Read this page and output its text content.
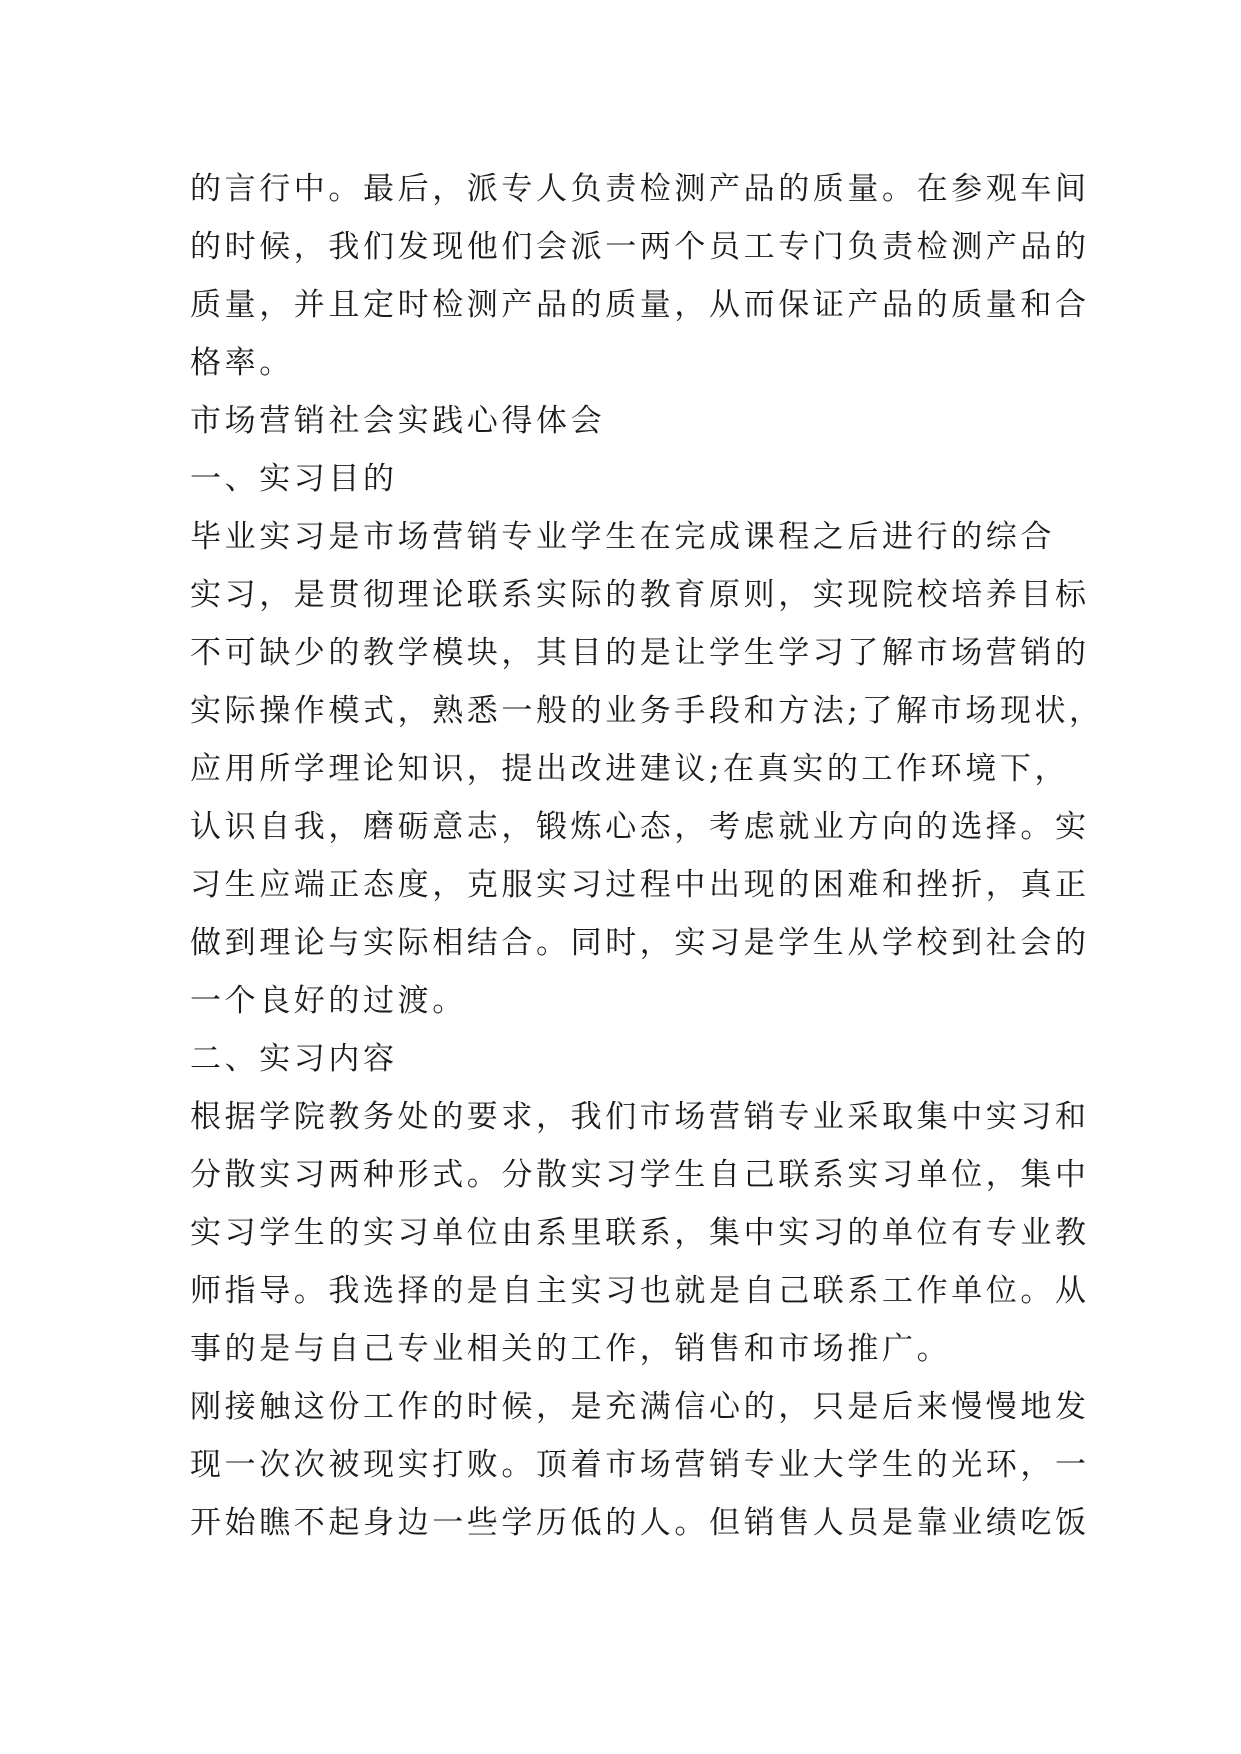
的言行中。最后，派专人负责检测产品的质量。在参观车间
的时候，我们发现他们会派一两个员工专门负责检测产品的
质量，并且定时检测产品的质量，从而保证产品的质量和合
格率。
市场营销社会实践心得体会
一、实习目的
毕业实习是市场营销专业学生在完成课程之后进行的综合
实习，是贯彻理论联系实际的教育原则，实现院校培养目标
不可缺少的教学模块，其目的是让学生学习了解市场营销的
实际操作模式，熟悉一般的业务手段和方法;了解市场现状，
应用所学理论知识，提出改进建议;在真实的工作环境下，
认识自我，磨砺意志，锻炼心态，考虑就业方向的选择。实
习生应端正态度，克服实习过程中出现的困难和挫折，真正
做到理论与实际相结合。同时，实习是学生从学校到社会的
一个良好的过渡。
二、实习内容
根据学院教务处的要求，我们市场营销专业采取集中实习和
分散实习两种形式。分散实习学生自己联系实习单位，集中
实习学生的实习单位由系里联系，集中实习的单位有专业教
师指导。我选择的是自主实习也就是自己联系工作单位。从
事的是与自己专业相关的工作，销售和市场推广。
刚接触这份工作的时候，是充满信心的，只是后来慢慢地发
现一次次被现实打败。顶着市场营销专业大学生的光环，一
开始瞧不起身边一些学历低的人。但销售人员是靠业绩吃饭
